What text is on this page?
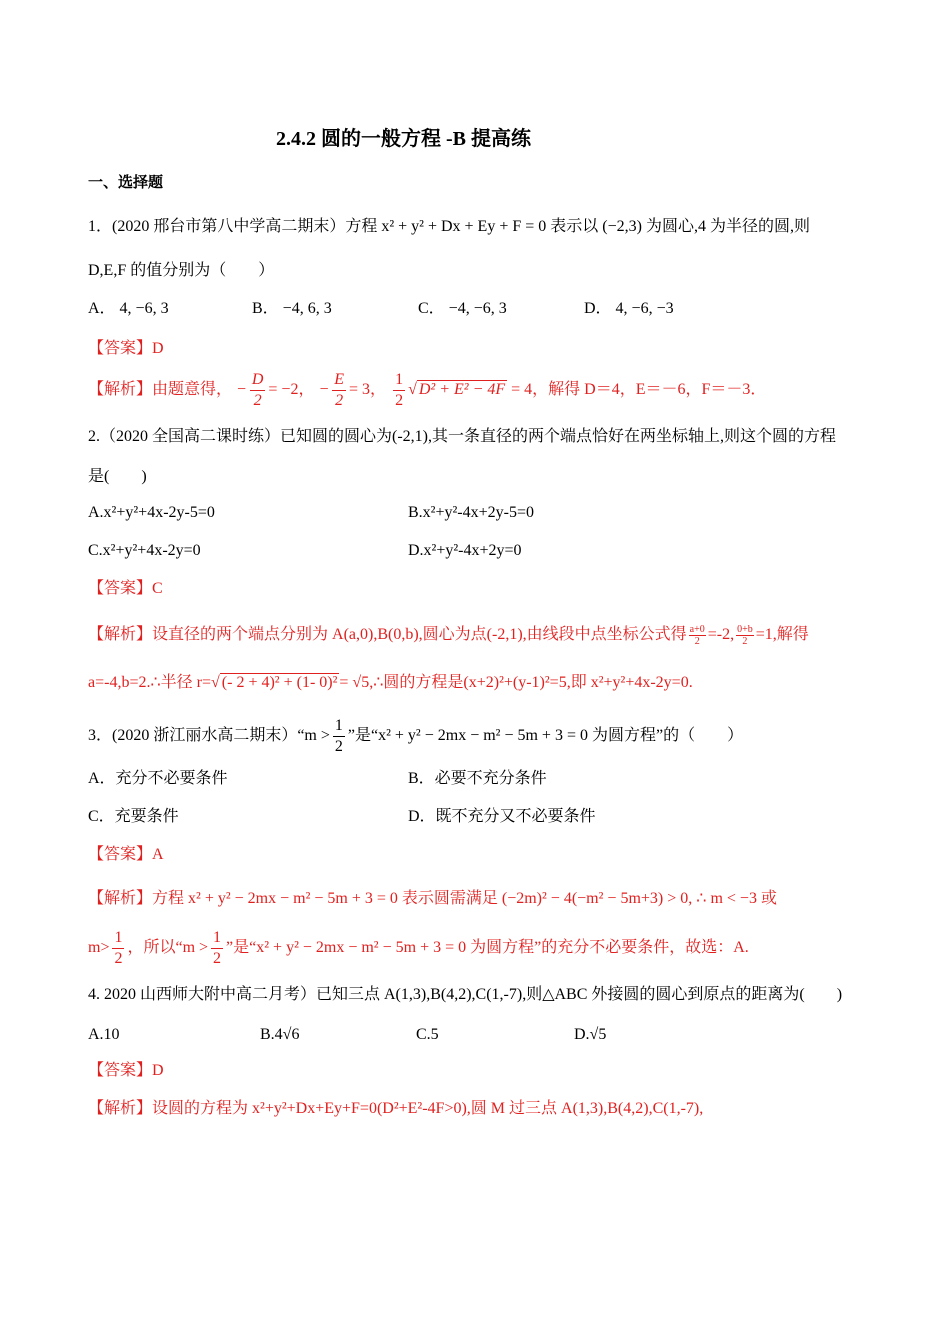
2.4.2 圆的一般方程 -B 提高练
一、选择题
1．(2020 邢台市第八中学高二期末）方程 x² + y² + Dx + Ey + F = 0 表示以 (−2,3) 为圆心,4 为半径的圆,则
D,E,F 的值分别为（　　）
A． 4, −6, 3	B． −4, 6, 3	C． −4, −6, 3	D． 4, −6, −3
【答案】D
【解析】由题意得， − $\frac{D}{2} = -2$， − $\frac{E}{2} = 3$， $\frac{1}{2}$ √ D² + E² − 4F = 4，解得 D＝4，E＝－6，F＝－3．
2.（2020 全国高二课时练）已知圆的圆心为(-2,1),其一条直径的两个端点恰好在两坐标轴上,则这个圆的方程
是(　　)
A.x²+y²+4x-2y-5=0	B.x²+y²-4x+2y-5=0
C.x²+y²+4x-2y=0	D.x²+y²-4x+2y=0
【答案】C
【解析】设直径的两个端点分别为 A(a,0),B(0,b),圆心为点(-2,1),由线段中点坐标公式得 $\frac{a+0}{2} =-2$, $\frac{0+b}{2} =1$,解得
a=-4,b=2.∴半径 r=√ (- 2 + 4)² + (1- 0)² = √5,∴圆的方程是(x+2)²+(y-1)²=5,即 x²+y²+4x-2y=0.
3．(2020 浙江丽水高二期末）“m > $\frac{1}{2}$ ”是“x² + y² − 2mx − m² − 5m + 3 = 0 为圆方程”的（　　）
A．充分不必要条件	B．必要不充分条件
C．充要条件	D．既不充分又不必要条件
【答案】A
【解析】方程 x² + y² − 2mx − m² − 5m + 3 = 0 表示圆需满足 (−2m)² − 4(−m² − 5m+3) > 0, ∴ m < −3 或
$m> \frac{1}{2}$ ，所以“$m > \frac{1}{2}$ ”是“x² + y² − 2mx − m² − 5m + 3 = 0 为圆方程”的充分不必要条件，故选：A.
4. 2020 山西师大附中高二月考）已知三点 A(1,3),B(4,2),C(1,-7),则△ABC 外接圆的圆心到原点的距离为(　　)
A.10	B.4√6	C.5	D.√5
【答案】D
【解析】设圆的方程为 x²+y²+Dx+Ey+F=0(D²+E²-4F>0),圆 M 过三点 A(1,3),B(4,2),C(1,-7),
